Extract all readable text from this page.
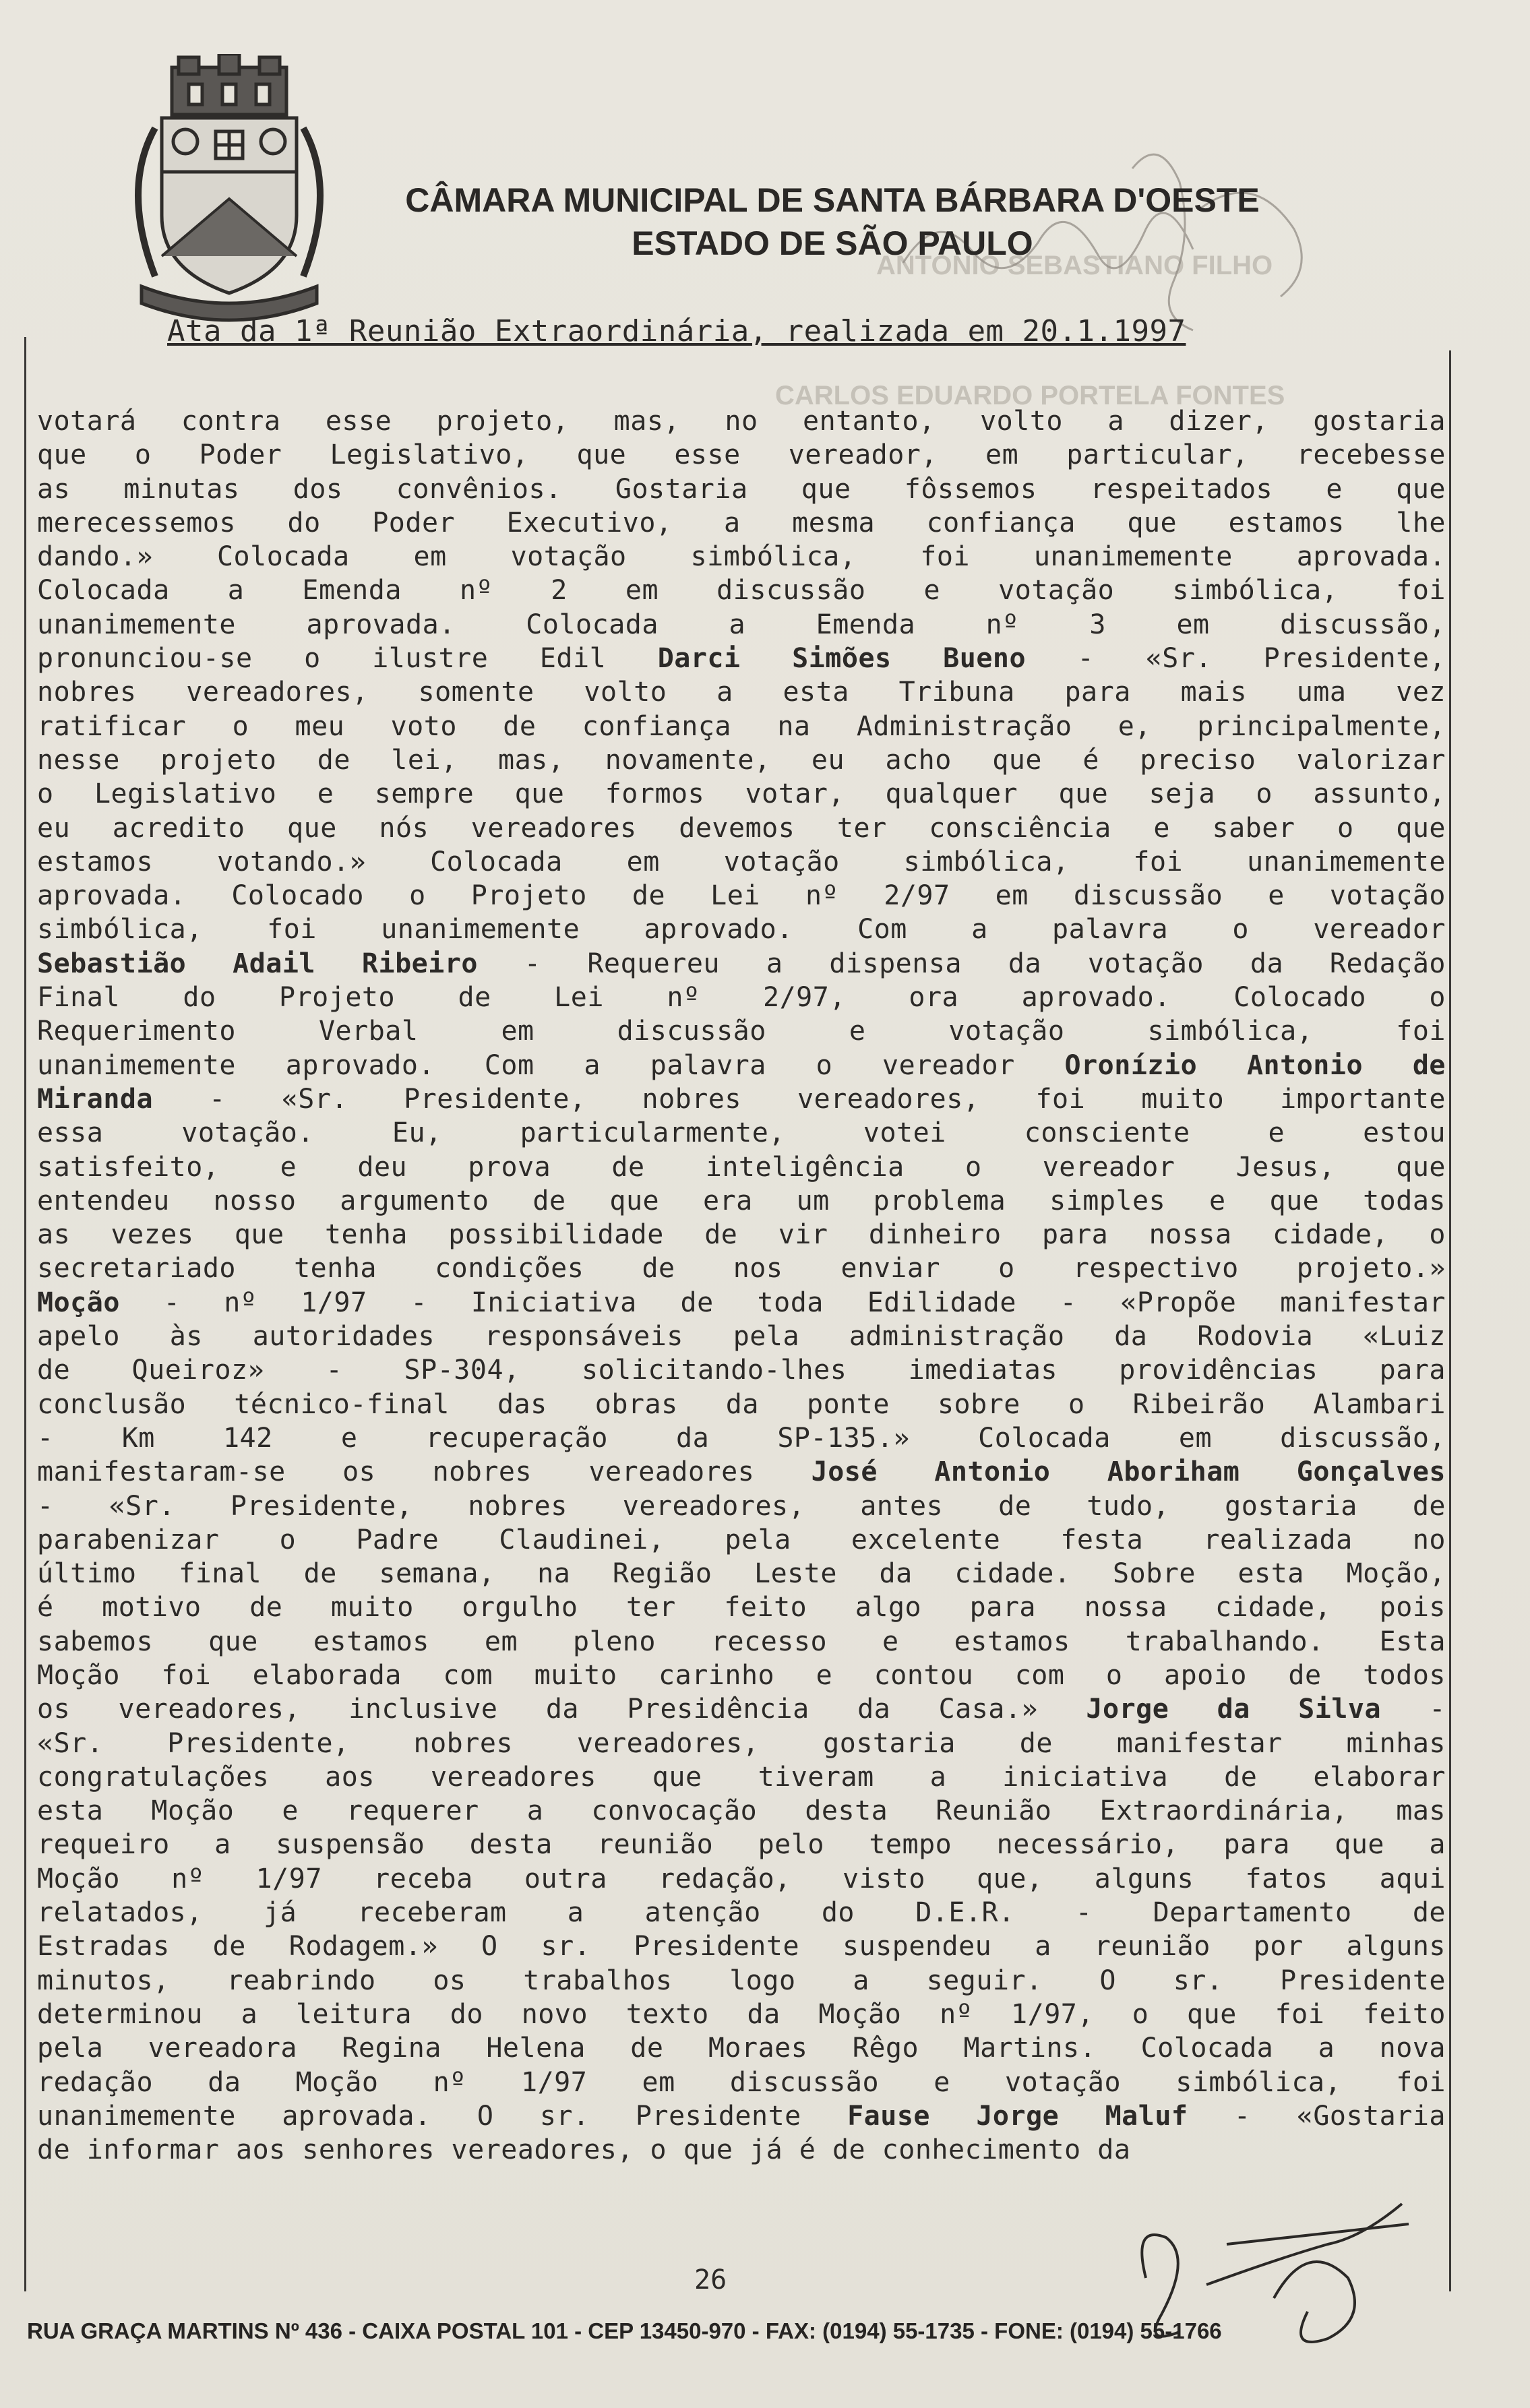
ANTONIO SEBASTIANO FILHO
CARLOS EDUARDO PORTELA FONTES
CÂMARA MUNICIPAL DE SANTA BÁRBARA D'OESTE
ESTADO DE SÃO PAULO
Ata da 1ª Reunião Extraordinária, realizada em 20.1.1997
votará contra esse projeto, mas, no entanto, volto a dizer, gostaria
que o Poder Legislativo, que esse vereador, em particular, recebesse
as minutas dos convênios. Gostaria que fôssemos respeitados e que
merecessemos do Poder Executivo, a mesma confiança que estamos lhe
dando.» Colocada em votação simbólica, foi unanimemente aprovada.
Colocada a Emenda nº 2 em discussão e votação simbólica, foi
unanimemente aprovada. Colocada a Emenda nº 3 em discussão,
pronunciou-se o ilustre Edil Darci Simões Bueno - «Sr. Presidente,
nobres vereadores, somente volto a esta Tribuna para mais uma vez
ratificar o meu voto de confiança na Administração e, principalmente,
nesse projeto de lei, mas, novamente, eu acho que é preciso valorizar
o Legislativo e sempre que formos votar, qualquer que seja o assunto,
eu acredito que nós vereadores devemos ter consciência e saber o que
estamos votando.» Colocada em votação simbólica, foi unanimemente
aprovada. Colocado o Projeto de Lei nº 2/97 em discussão e votação
simbólica, foi unanimemente aprovado. Com a palavra o vereador
Sebastião Adail Ribeiro - Requereu a dispensa da votação da Redação
Final do Projeto de Lei nº 2/97, ora aprovado. Colocado o
Requerimento Verbal em discussão e votação simbólica, foi
unanimemente aprovado. Com a palavra o vereador Oronízio Antonio de
Miranda - «Sr. Presidente, nobres vereadores, foi muito importante
essa votação. Eu, particularmente, votei consciente e estou
satisfeito, e deu prova de inteligência o vereador Jesus, que
entendeu nosso argumento de que era um problema simples e que todas
as vezes que tenha possibilidade de vir dinheiro para nossa cidade, o
secretariado tenha condições de nos enviar o respectivo projeto.»
Moção - nº 1/97 - Iniciativa de toda Edilidade - «Propõe manifestar
apelo às autoridades responsáveis pela administração da Rodovia «Luiz
de Queiroz» - SP-304, solicitando-lhes imediatas providências para
conclusão técnico-final das obras da ponte sobre o Ribeirão Alambari
- Km 142 e recuperação da SP-135.» Colocada em discussão,
manifestaram-se os nobres vereadores José Antonio Aboriham Gonçalves
- «Sr. Presidente, nobres vereadores, antes de tudo, gostaria de
parabenizar o Padre Claudinei, pela excelente festa realizada no
último final de semana, na Região Leste da cidade. Sobre esta Moção,
é motivo de muito orgulho ter feito algo para nossa cidade, pois
sabemos que estamos em pleno recesso e estamos trabalhando. Esta
Moção foi elaborada com muito carinho e contou com o apoio de todos
os vereadores, inclusive da Presidência da Casa.» Jorge da Silva -
«Sr. Presidente, nobres vereadores, gostaria de manifestar minhas
congratulações aos vereadores que tiveram a iniciativa de elaborar
esta Moção e requerer a convocação desta Reunião Extraordinária, mas
requeiro a suspensão desta reunião pelo tempo necessário, para que a
Moção nº 1/97 receba outra redação, visto que, alguns fatos aqui
relatados, já receberam a atenção do D.E.R. - Departamento de
Estradas de Rodagem.» O sr. Presidente suspendeu a reunião por alguns
minutos, reabrindo os trabalhos logo a seguir. O sr. Presidente
determinou a leitura do novo texto da Moção nº 1/97, o que foi feito
pela vereadora Regina Helena de Moraes Rêgo Martins. Colocada a nova
redação da Moção nº 1/97 em discussão e votação simbólica, foi
unanimemente aprovada. O sr. Presidente Fause Jorge Maluf - «Gostaria
de informar aos senhores vereadores, o que já é de conhecimento da
26
RUA GRAÇA MARTINS Nº 436 - CAIXA POSTAL 101 - CEP 13450-970 - FAX: (0194) 55-1735 - FONE: (0194) 55-1766
